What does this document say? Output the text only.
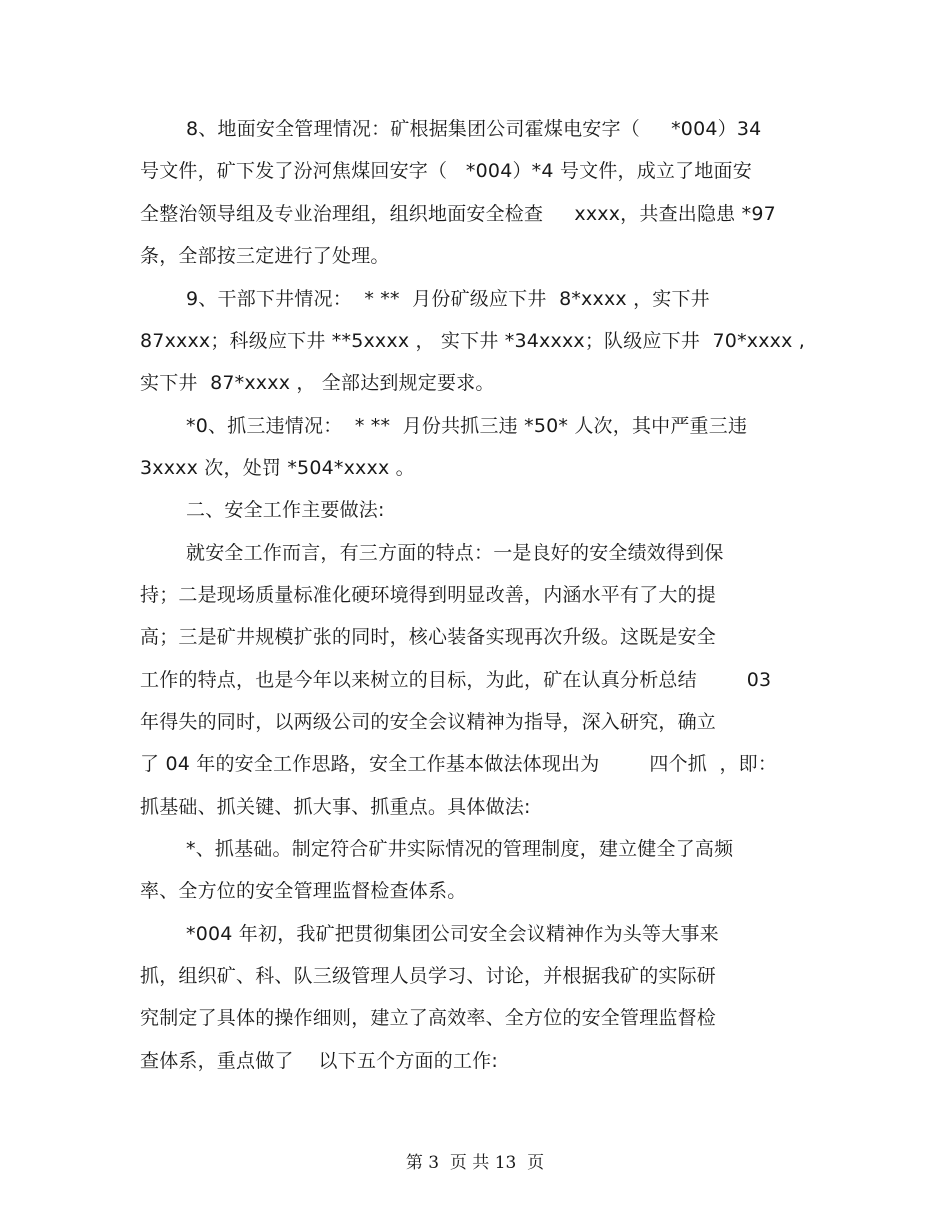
8、地面安全管理情况：矿根据集团公司霍煤电安字（     *004）34
号文件，矿下发了汾河焦煤回安字（   *004）*4 号文件，成立了地面安
全整治领导组及专业治理组，组织地面安全检查     xxxx，共查出隐患 *97
条，全部按三定进行了处理。
9、干部下井情况：  * **  月份矿级应下井  8*xxxx ，实下井
87xxxx；科级应下井 **5xxxx ， 实下井 *34xxxx；队级应下井  70*xxxx ,
实下井  87*xxxx ， 全部达到规定要求。
*0、抓三违情况：  * **  月份共抓三违 *50* 人次，其中严重三违
3xxxx 次，处罚 *504*xxxx 。
二、安全工作主要做法:
就安全工作而言，有三方面的特点：一是良好的安全绩效得到保
持；二是现场质量标准化硬环境得到明显改善，内涵水平有了大的提
高；三是矿井规模扩张的同时，核心装备实现再次升级。这既是安全
工作的特点，也是今年以来树立的目标，为此，矿在认真分析总结        03
年得失的同时，以两级公司的安全会议精神为指导，深入研究，确立
了 04 年的安全工作思路，安全工作基本做法体现出为        四个抓  ，即：
抓基础、抓关键、抓大事、抓重点。具体做法:
*、抓基础。制定符合矿井实际情况的管理制度，建立健全了高频
率、全方位的安全管理监督检查体系。
*004 年初，我矿把贯彻集团公司安全会议精神作为头等大事来
抓，组织矿、科、队三级管理人员学习、讨论，并根据我矿的实际研
究制定了具体的操作细则，建立了高效率、全方位的安全管理监督检
查体系，重点做了    以下五个方面的工作:
第 3  页 共 13  页
